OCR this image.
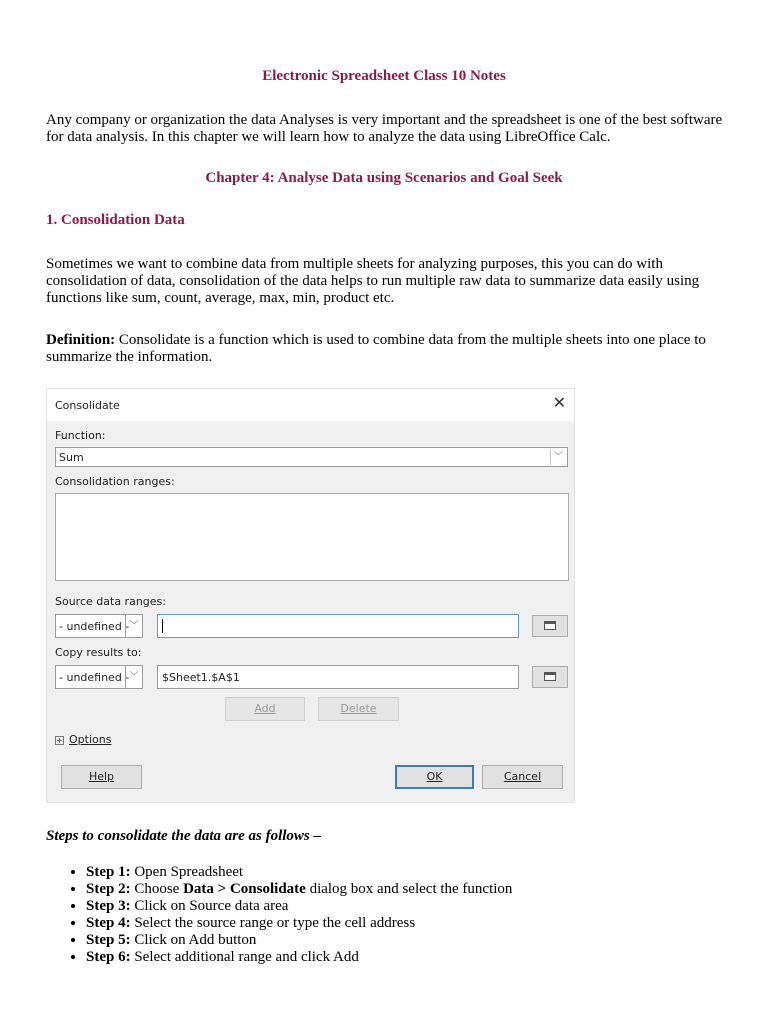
Electronic Spreadsheet Class 10 Notes

Any company or organization the data Analyses is very important and the spreadsheet is one of the best software for data analysis. In this chapter we will learn how to analyze the data using LibreOffice Calc.

Chapter 4: Analyse Data using Scenarios and Goal Seek
1. Consolidation Data

Sometimes we want to combine data from multiple sheets for analyzing purposes, this you can do with consolidation of data, consolidation of the data helps to run multiple raw data to summarize data easily using functions like sum, count, average, max, min, product etc.

Definition: Consolidate is a function which is used to combine data from the multiple sheets into one place to summarize the information.

Consolidate	✕
Function:
Sum	﹀
Consolidation ranges:
Source data ranges:
- undefined - ﹀
Copy results to:
- undefined - ﹀	$Sheet1.$A$1
Add	Delete
+ Options
Help	OK	Cancel
Steps to consolidate the data are as follows –
• Step 1: Open Spreadsheet
• Step 2: Choose Data > Consolidate dialog box and select the function
• Step 3: Click on Source data area
• Step 4: Select the source range or type the cell address
• Step 5: Click on Add button
• Step 6: Select additional range and click Add
